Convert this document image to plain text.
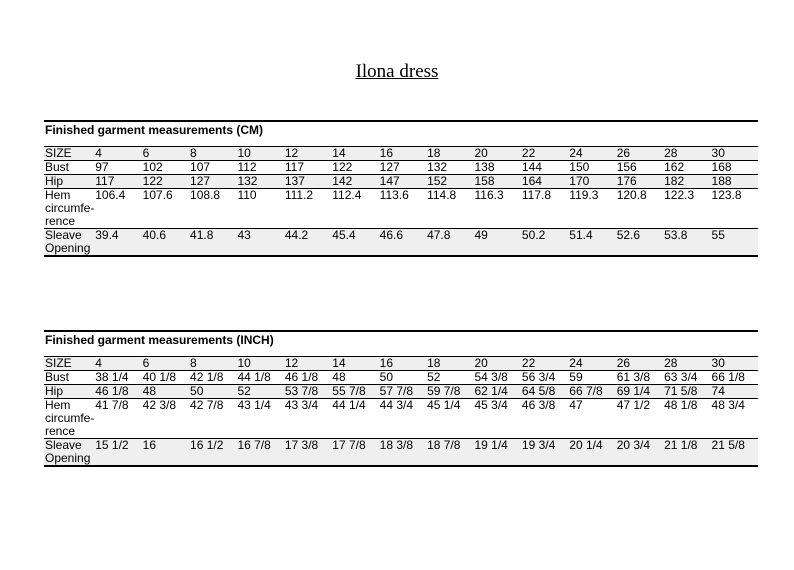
Ilona dress
Finished garment measurements (CM)
SIZE	4	6	8	10	12	14	16	18	20	22	24	26	28	30

Bust	97	102	107	112	117	122	127	132	138	144	150	156	162	168

Hip	117	122	127	132	137	142	147	152	158	164	170	176	182	188

Hem
circumfe-
rence	106.4	107.6	108.8	110	111.2	112.4	113.6	114.8	116.3	117.8	119.3	120.8	122.3	123.8

Sleave
Opening	39.4	40.6	41.8	43	44.2	45.4	46.6	47.8	49	50.2	51.4	52.6	53.8	55
Finished garment measurements (INCH)
SIZE	4	6	8	10	12	14	16	18	20	22	24	26	28	30

Bust	38 1/4	40 1/8	42 1/8	44 1/8	46 1/8	48	50	52	54 3/8	56 3/4	59	61 3/8	63 3/4	66 1/8

Hip	46 1/8	48	50	52	53 7/8	55 7/8	57 7/8	59 7/8	62 1/4	64 5/8	66 7/8	69 1/4	71 5/8	74

Hem
circumfe-
rence	41 7/8	42 3/8	42 7/8	43 1/4	43 3/4	44 1/4	44 3/4	45 1/4	45 3/4	46 3/8	47	47 1/2	48 1/8	48 3/4

Sleave
Opening	15 1/2	16	16 1/2	16 7/8	17 3/8	17 7/8	18 3/8	18 7/8	19 1/4	19 3/4	20 1/4	20 3/4	21 1/8	21 5/8
